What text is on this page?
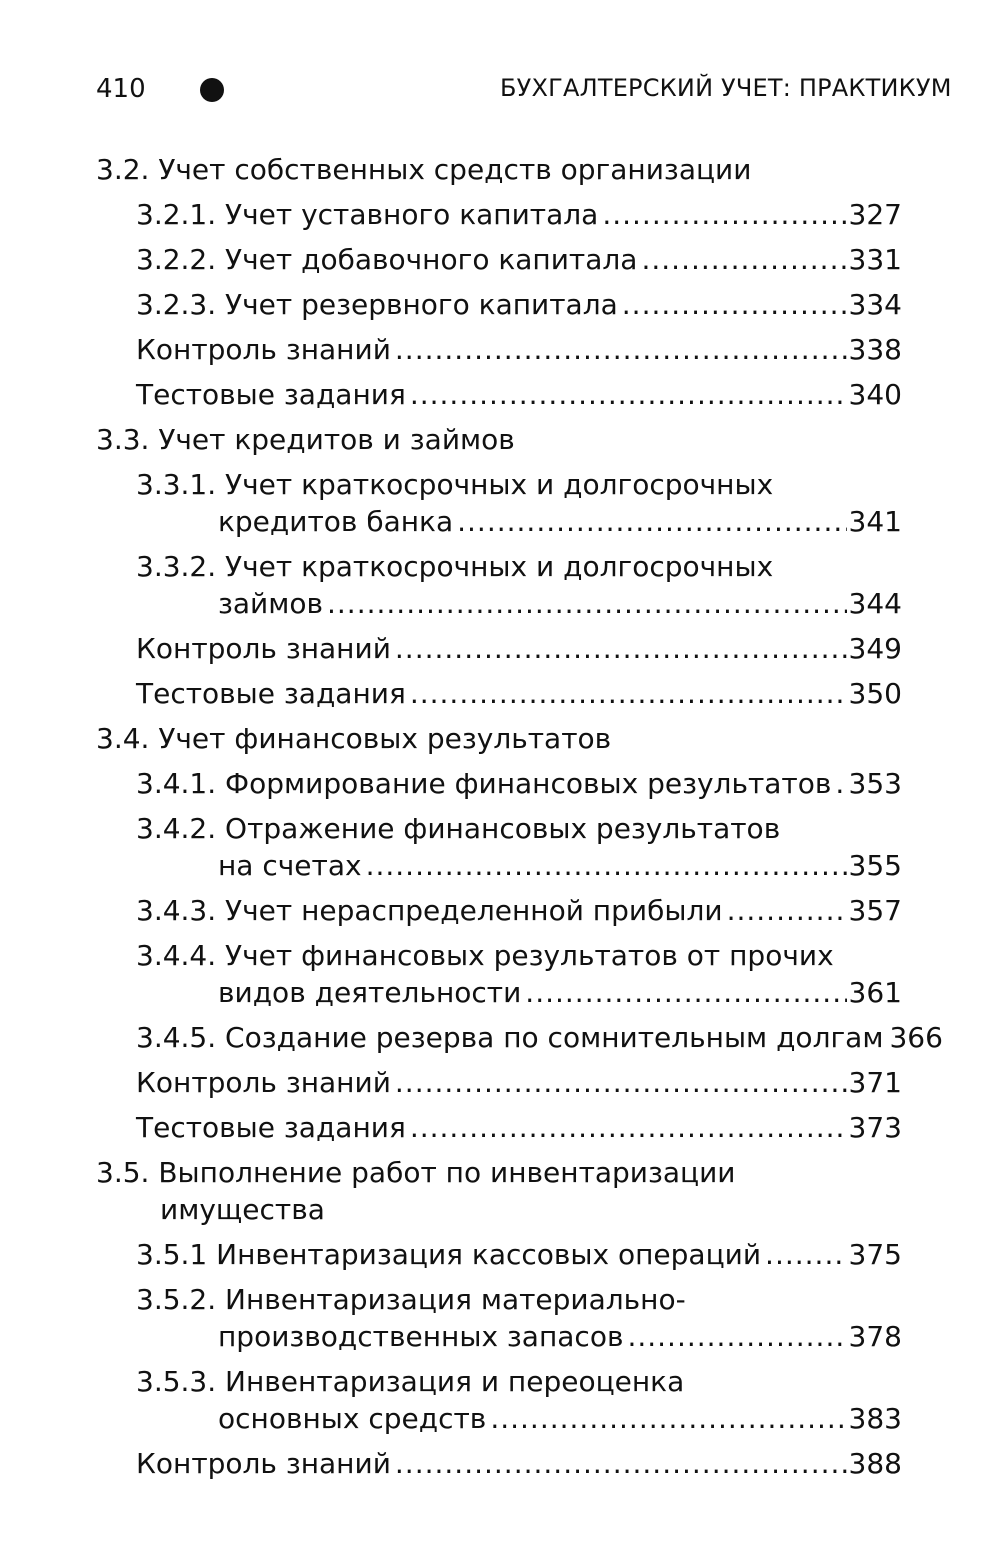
410	БУХГАЛТЕРСКИЙ УЧЕТ: ПРАКТИКУМ
3.2. Учет собственных средств организации
3.2.1. Учет уставного капитала .....	327
3.2.2. Учет добавочного капитала .....	331
3.2.3. Учет резервного капитала .....	334
Контроль знаний .....	338
Тестовые задания .....	340
3.3. Учет кредитов и займов
3.3.1. Учет краткосрочных и долгосрочных
кредитов банка .....	341
3.3.2. Учет краткосрочных и долгосрочных
займов .....	344
Контроль знаний .....	349
Тестовые задания .....	350
3.4. Учет финансовых результатов
3.4.1. Формирование финансовых результатов ..... 353
3.4.2. Отражение финансовых результатов
на счетах .....	355
3.4.3. Учет нераспределенной прибыли .....	357
3.4.4. Учет финансовых результатов от прочих
видов деятельности .....	361
3.4.5. Создание резерва по сомнительным долгам 366
Контроль знаний .....	371
Тестовые задания .....	373
3.5. Выполнение работ по инвентаризации
имущества
3.5.1 Инвентаризация кассовых операций .....	375
3.5.2. Инвентаризация материально-
производственных запасов .....	378
3.5.3. Инвентаризация и переоценка
основных средств .....	383
Контроль знаний .....	388
